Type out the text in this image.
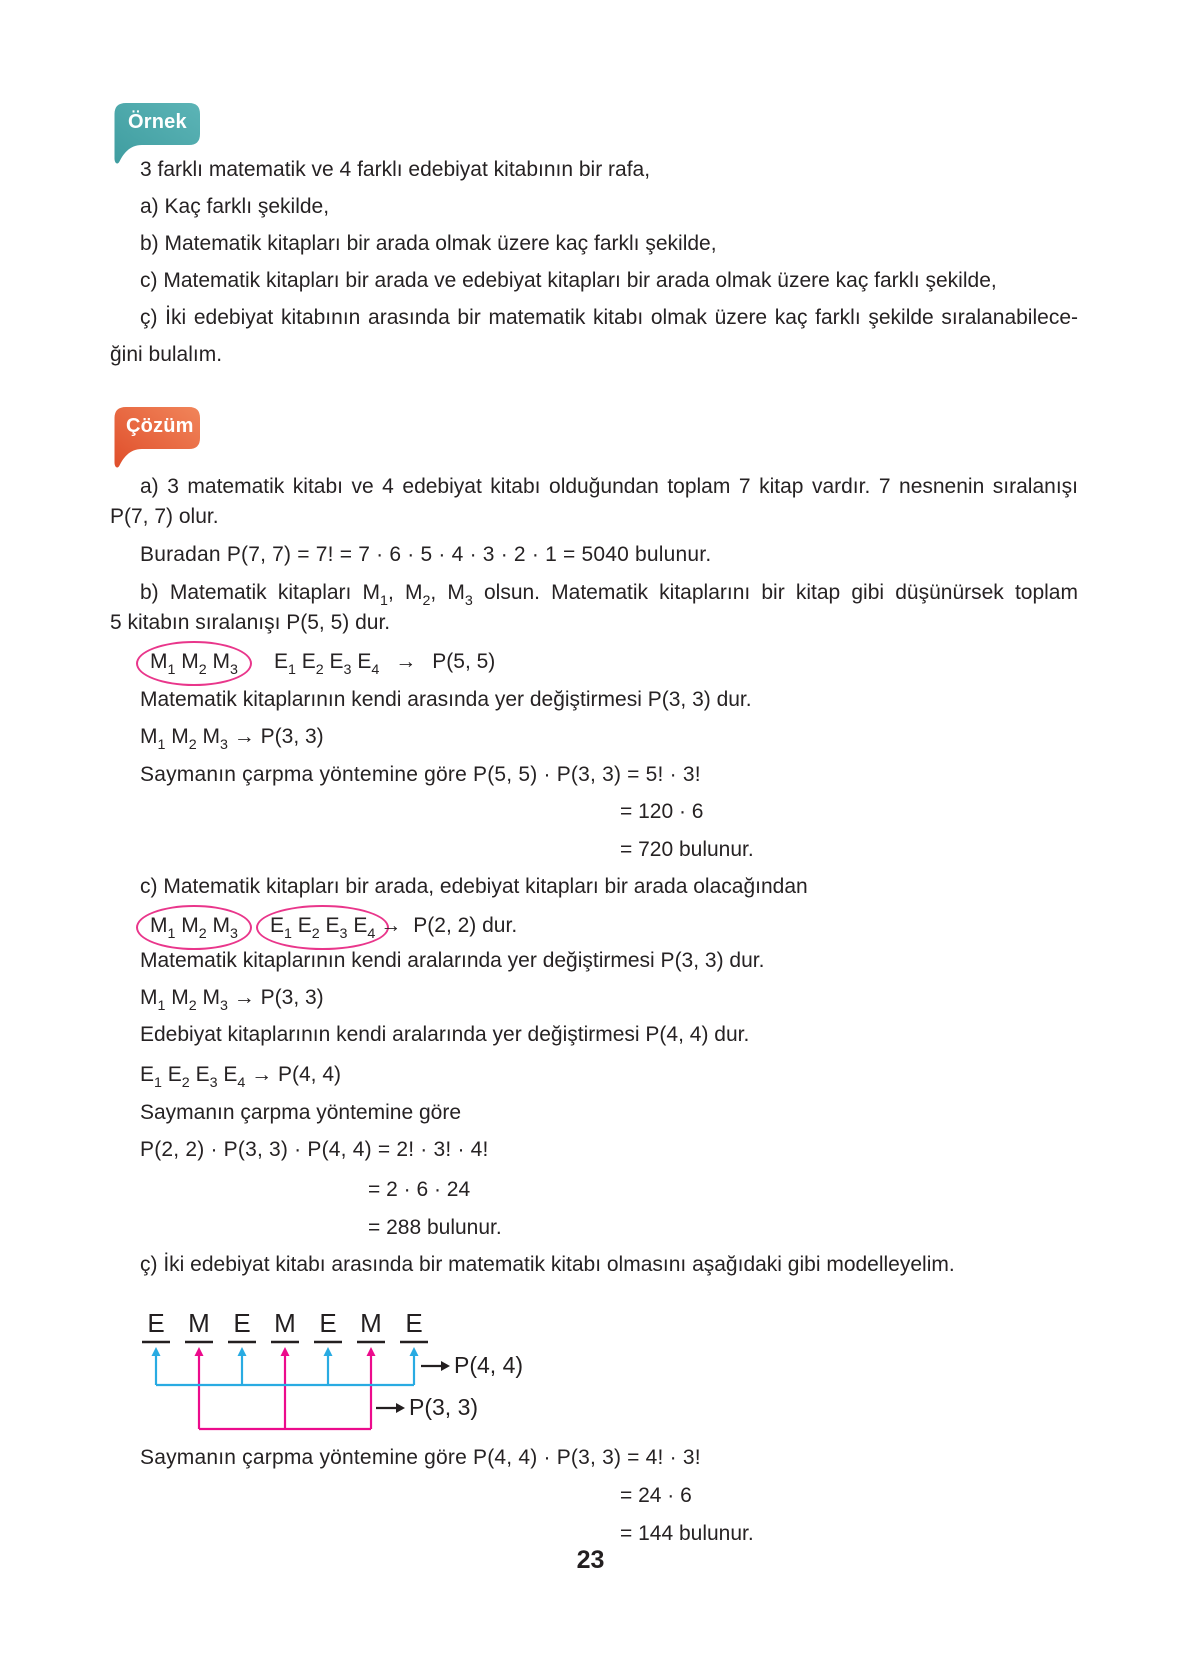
Örnek
3 farklı matematik ve 4 farklı edebiyat kitabının bir rafa,
a) Kaç farklı şekilde,
b) Matematik kitapları bir arada olmak üzere kaç farklı şekilde,
c) Matematik kitapları bir arada ve edebiyat kitapları bir arada olmak üzere kaç farklı şekilde,
ç) İki edebiyat kitabının arasında bir matematik kitabı olmak üzere kaç farklı şekilde sıralanabilece-
ğini bulalım.
Çözüm
a) 3 matematik kitabı ve 4 edebiyat kitabı olduğundan toplam 7 kitap vardır. 7 nesnenin sıralanışı
P(7, 7) olur.
Buradan P(7, 7) = 7! = 7 · 6 · 5 · 4 · 3 · 2 · 1 = 5040 bulunur.
b) Matematik kitapları $M_1$, $M_2$, $M_3$ olsun. Matematik kitaplarını bir kitap gibi düşünürsek toplam
5 kitabın sıralanışı P(5, 5) dur.
$M_1$ $M_2$ $M_3$ $E_1$ $E_2$ $E_3$ $E_4 \to P(5$, 5)
Matematik kitaplarının kendi arasında yer değiştirmesi P(3, 3) dur.
$M_1$ $M_2$ $M_3 \to P(3$, 3)
Saymanın çarpma yöntemine göre P(5, 5) · P(3, 3) = 5! · 3!
= 120 · 6
= 720 bulunur.
c) Matematik kitapları bir arada, edebiyat kitapları bir arada olacağından
$M_1$ $M_2$ $M_3$ $E_1$ $E_2$ $E_3$ $E_4 \to P(2$, 2) dur.
Matematik kitaplarının kendi aralarında yer değiştirmesi P(3, 3) dur.
$M_1$ $M_2$ $M_3 \to P(3$, 3)
Edebiyat kitaplarının kendi aralarında yer değiştirmesi P(4, 4) dur.
$E_1$ $E_2$ $E_3$ $E_4 \to P(4$, 4)
Saymanın çarpma yöntemine göre
P(2, 2) · P(3, 3) · P(4, 4) = 2! · 3! · 4!
= 2 · 6 · 24
= 288 bulunur.
ç) İki edebiyat kitabı arasında bir matematik kitabı olmasını aşağıdaki gibi modelleyelim.
E M E M E M E
P(4, 4)
P(3, 3)
Saymanın çarpma yöntemine göre P(4, 4) · P(3, 3) = 4! · 3!
= 24 · 6
= 144 bulunur.
23
